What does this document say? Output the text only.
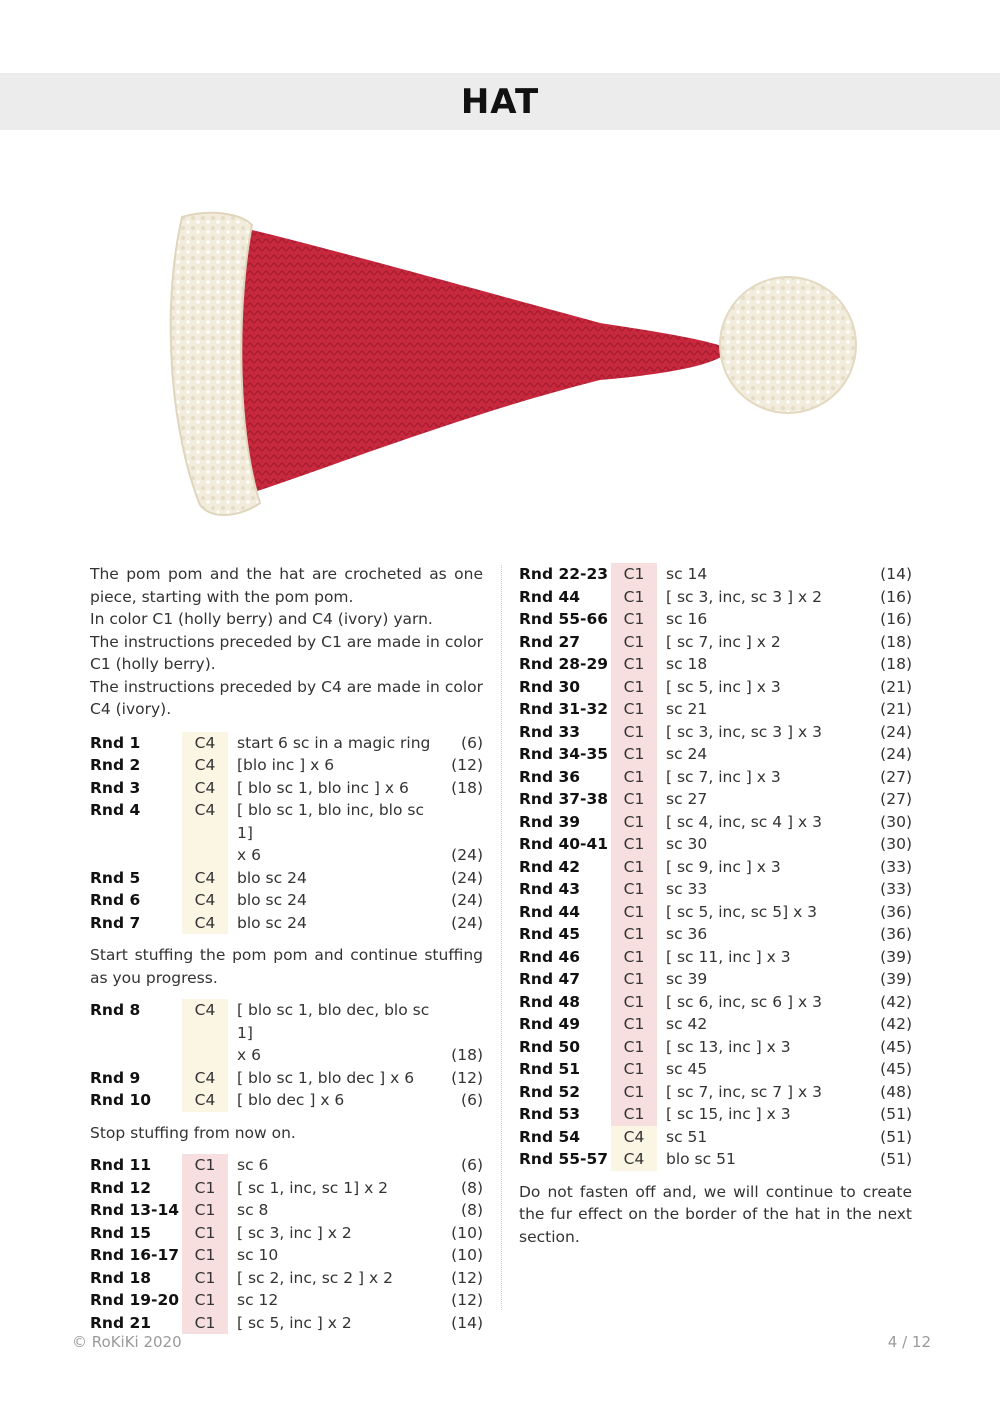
HAT

The pom pom and the hat are crocheted as one piece, starting with the pom pom.

In color C1 (holly berry) and C4 (ivory) yarn.

The instructions preceded by C1 are made in color C1 (holly berry).

The instructions preceded by C4 are made in color C4 (ivory).

Rnd 1	C4	start 6 sc in a magic ring	(6)
Rnd 2	C4	[blo inc ] x 6	(12)
Rnd 3	C4	[ blo sc 1, blo inc ] x 6	(18)
Rnd 4	C4	[ blo sc 1, blo inc, blo sc 1]	
		x 6	(24)
Rnd 5	C4	blo sc 24	(24)
Rnd 6	C4	blo sc 24	(24)
Rnd 7	C4	blo sc 24	(24)

Start stuffing the pom pom and continue stuffing as you progress.

Rnd 8	C4	[ blo sc 1, blo dec, blo sc 1]	
		x 6	(18)
Rnd 9	C4	[ blo sc 1, blo dec ] x 6	(12)
Rnd 10	C4	[ blo dec ] x 6	(6)

Stop stuffing from now on.

Rnd 11	C1	sc 6	(6)
Rnd 12	C1	[ sc 1, inc, sc 1] x 2	(8)
Rnd 13-14	C1	sc 8	(8)
Rnd 15	C1	[ sc 3, inc ] x 2	(10)
Rnd 16-17	C1	sc 10	(10)
Rnd 18	C1	[ sc 2, inc, sc 2 ] x 2	(12)
Rnd 19-20	C1	sc 12	(12)
Rnd 21	C1	[ sc 5, inc ] x 2	(14)
Rnd 22-23	C1	sc 14	(14)
Rnd 44	C1	[ sc 3, inc, sc 3 ] x 2	(16)
Rnd 55-66	C1	sc 16	(16)
Rnd 27	C1	[ sc 7, inc ] x 2	(18)
Rnd 28-29	C1	sc 18	(18)
Rnd 30	C1	[ sc 5, inc ] x 3	(21)
Rnd 31-32	C1	sc 21	(21)
Rnd 33	C1	[ sc 3, inc, sc 3 ] x 3	(24)
Rnd 34-35	C1	sc 24	(24)
Rnd 36	C1	[ sc 7, inc ] x 3	(27)
Rnd 37-38	C1	sc 27	(27)
Rnd 39	C1	[ sc 4, inc, sc 4 ] x 3	(30)
Rnd 40-41	C1	sc 30	(30)
Rnd 42	C1	[ sc 9, inc ] x 3	(33)
Rnd 43	C1	sc 33	(33)
Rnd 44	C1	[ sc 5, inc, sc 5] x 3	(36)
Rnd 45	C1	sc 36	(36)
Rnd 46	C1	[ sc 11, inc ] x 3	(39)
Rnd 47	C1	sc 39	(39)
Rnd 48	C1	[ sc 6, inc, sc 6 ] x 3	(42)
Rnd 49	C1	sc 42	(42)
Rnd 50	C1	[ sc 13, inc ] x 3	(45)
Rnd 51	C1	sc 45	(45)
Rnd 52	C1	[ sc 7, inc, sc 7 ] x 3	(48)
Rnd 53	C1	[ sc 15, inc ] x 3	(51)
Rnd 54	C4	sc 51	(51)
Rnd 55-57	C4	blo sc 51	(51)

Do not fasten off and, we will continue to create the fur effect on the border of the hat in the next section.

© RoKiKi 2020	4 / 12
